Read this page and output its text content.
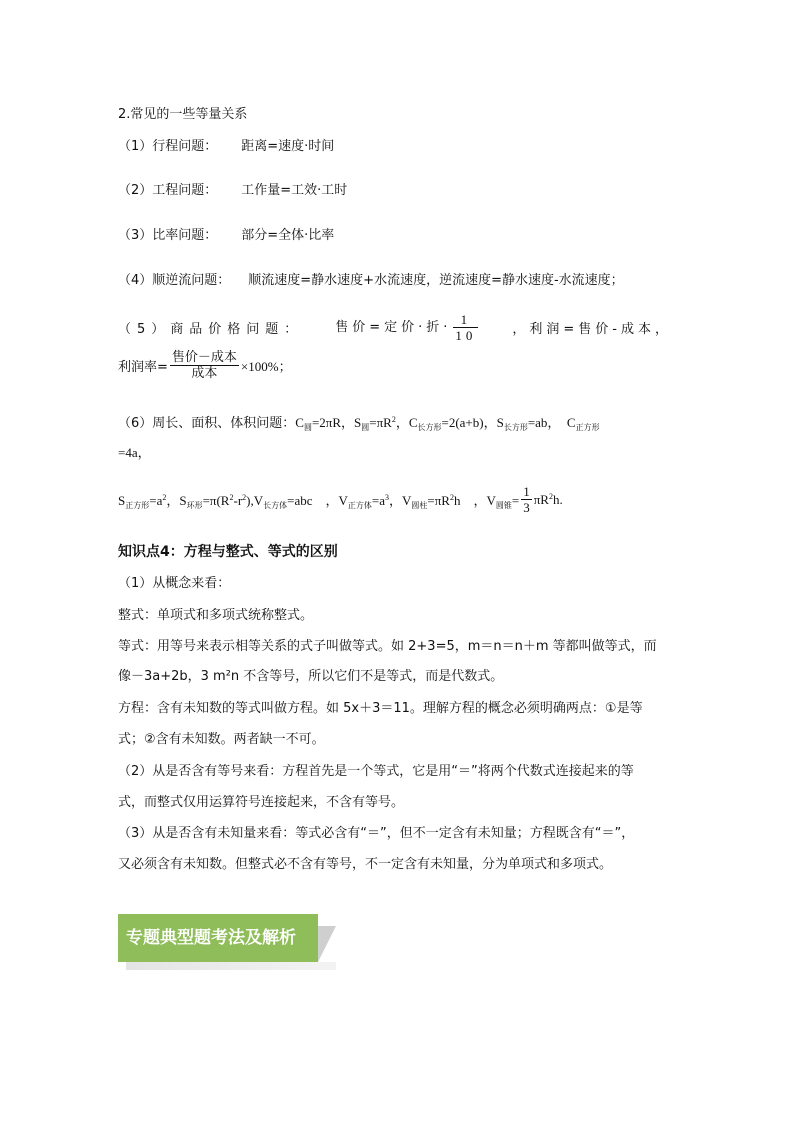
2.常见的一些等量关系
（1）行程问题： 距离=速度·时间
（2）工程问题： 工作量=工效·工时
（3）比率问题： 部分=全体·比率
（4）顺逆流问题： 顺流速度=静水速度+水流速度，逆流速度=静水速度-水流速度；
（5）商品价格问题： 售价=定价·折· $\frac{1}{10}$	，利润=售价-成本，
利润率= $\frac{\text{售价－成本}}{\text{成本}} \times 100\%$；
（6）周长、面积、体积问题：$C_圆=2\pi R$，$S_圆=\pi R^2$，$C_{长方形}=2(a+b)$，$S_{长方形}=ab$，　$C_{正方形}$
=4a，
$S_{正方形}=a^2$，$S_{环形}=\pi(R^2-r^2),V_{长方体}=abc$　，$V_{正方体}=a^3$，$V_{圆柱}=\pi R^2h$　，$V_{圆锥}= \frac{1}{3} \pi R^2h$.
知识点4：方程与整式、等式的区别
（1）从概念来看：
整式：单项式和多项式统称整式。
等式：用等号来表示相等关系的式子叫做等式。如 2+3=5，m＝n＝n＋m 等都叫做等式，而
像－3a+2b，3 m²n 不含等号，所以它们不是等式，而是代数式。
方程：含有未知数的等式叫做方程。如 5x＋3＝11。理解方程的概念必须明确两点：①是等
式；②含有未知数。两者缺一不可。
（2）从是否含有等号来看：方程首先是一个等式，它是用“＝”将两个代数式连接起来的等
式，而整式仅用运算符号连接起来，不含有等号。
（3）从是否含有未知量来看：等式必含有“＝”，但不一定含有未知量；方程既含有“＝”，
又必须含有未知数。但整式必不含有等号，不一定含有未知量，分为单项式和多项式。
专题典型题考法及解析
